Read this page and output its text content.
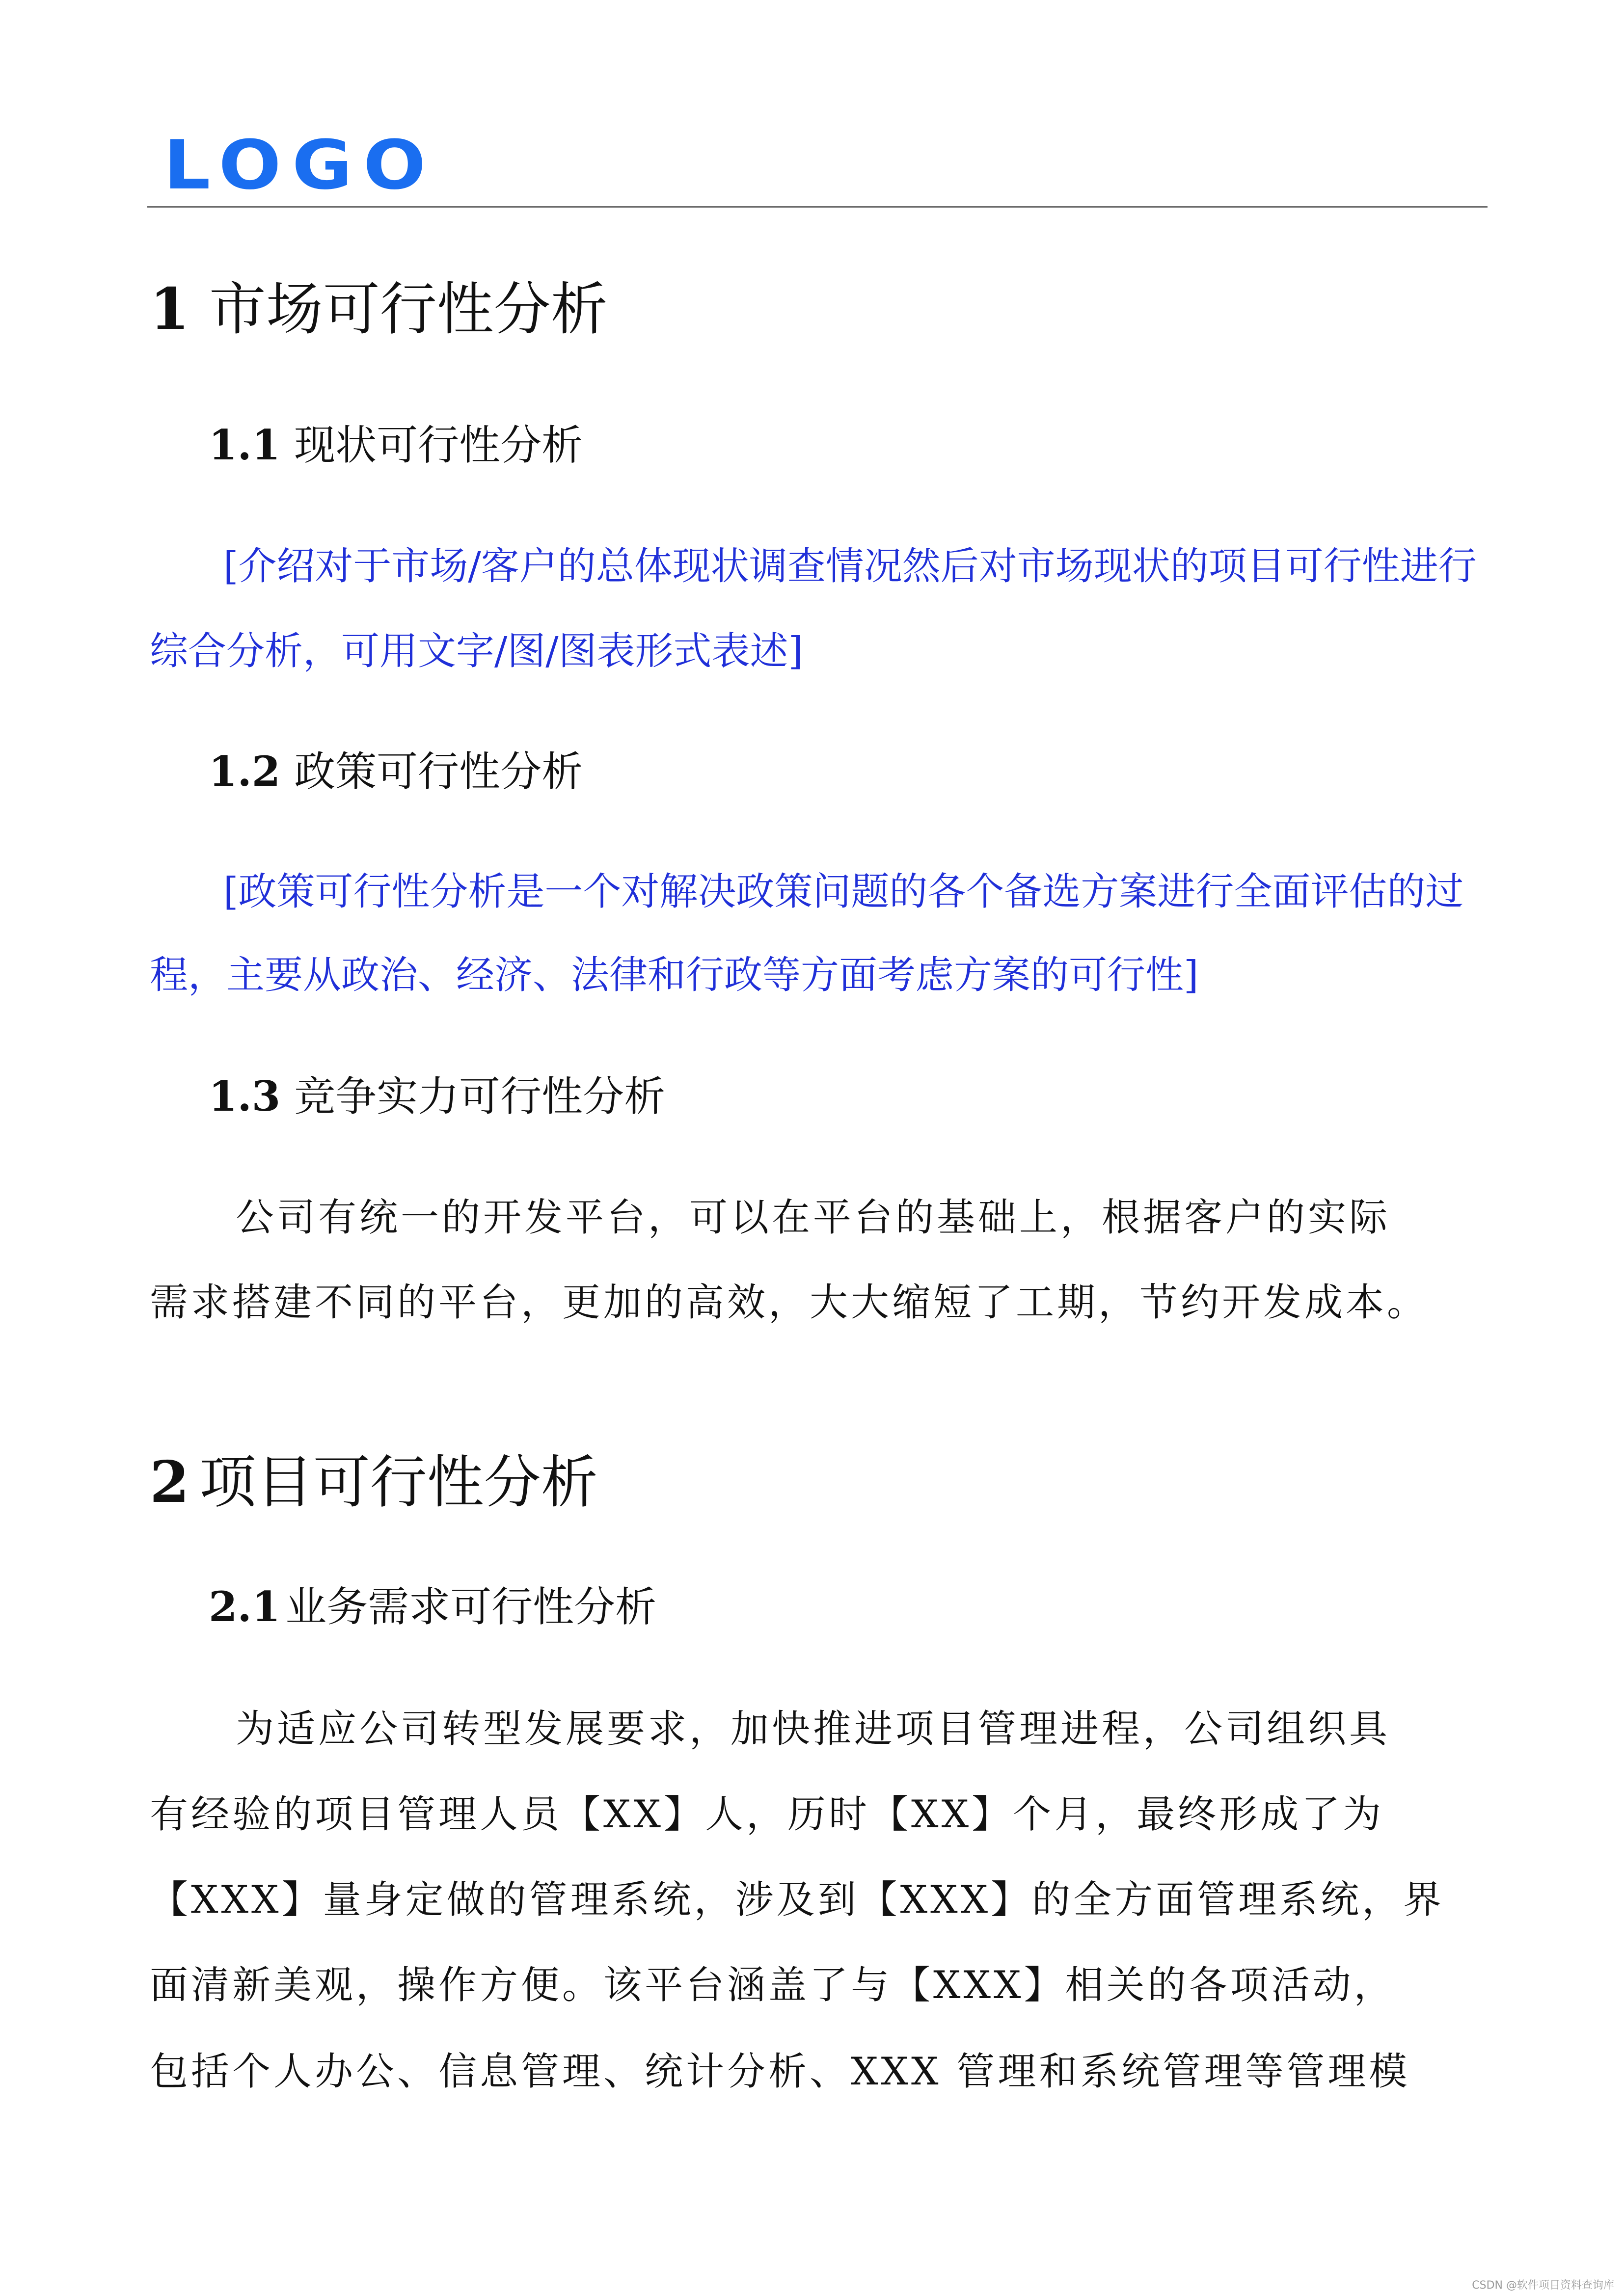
LOGO
1 市场可行性分析
1.1 现状可行性分析
[介绍对于市场/客户的总体现状调查情况然后对市场现状的项目可行性进行
综合分析，可用文字/图/图表形式表述]
1.2 政策可行性分析
[政策可行性分析是一个对解决政策问题的各个备选方案进行全面评估的过
程，主要从政治、经济、法律和行政等方面考虑方案的可行性]
1.3 竞争实力可行性分析
公司有统一的开发平台，可以在平台的基础上，根据客户的实际
需求搭建不同的平台，更加的高效，大大缩短了工期，节约开发成本。
2 项目可行性分析
2.1 业务需求可行性分析
为适应公司转型发展要求，加快推进项目管理进程，公司组织具
有经验的项目管理人员【XX】人，历时【XX】个月，最终形成了为
【XXX】量身定做的管理系统，涉及到【XXX】的全方面管理系统，界
面清新美观，操作方便。该平台涵盖了与【XXX】相关的各项活动，
包括个人办公、信息管理、统计分析、XXX 管理和系统管理等管理模
CSDN @软件项目资料查询库
